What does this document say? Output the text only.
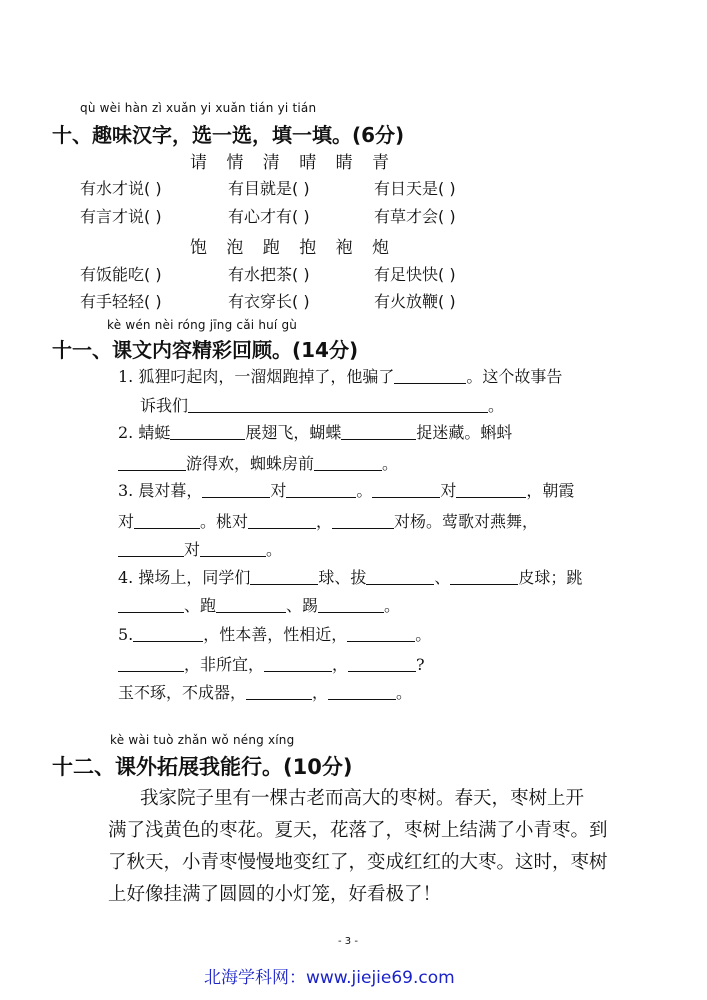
qù wèi hàn zì xuǎn yi xuǎn tián yi tián
十、趣味汉字，选一选，填一填。(6分)
请 情 清 晴 睛 青
有水才说( )	有目就是( )	有日天是( )
有言才说( )	有心才有( )	有草才会( )
饱 泡 跑 抱 袍 炮
有饭能吃( )	有水把茶( )	有足快快( )
有手轻轻( )	有衣穿长( )	有火放鞭( )
kè wén nèi róng jīng cǎi huí gù
十一、课文内容精彩回顾。(14分)
1. 狐狸叼起肉，一溜烟跑掉了，他骗了	。这个故事告
诉我们	。
2. 蜻蜓	展翅飞，蝴蝶	捉迷藏。蝌蚪
游得欢，蜘蛛房前	。
3. 晨对暮，	对	。	对	，朝霞
对	。桃对	，	对杨。莺歌对燕舞，
对	。
4. 操场上，同学们	球、拔	、	皮球；跳
、跑	、踢	。
5.	，性本善，性相近，	。
，非所宜，	，	?
玉不琢，不成器，	，	。
kè wài tuò zhǎn wǒ néng xíng
十二、课外拓展我能行。(10分)
我家院子里有一棵古老而高大的枣树。春天，枣树上开
满了浅黄色的枣花。夏天，花落了，枣树上结满了小青枣。到
了秋天，小青枣慢慢地变红了，变成红红的大枣。这时，枣树
上好像挂满了圆圆的小灯笼，好看极了！
- 3 -
北海学科网：www.jiejie69.com
